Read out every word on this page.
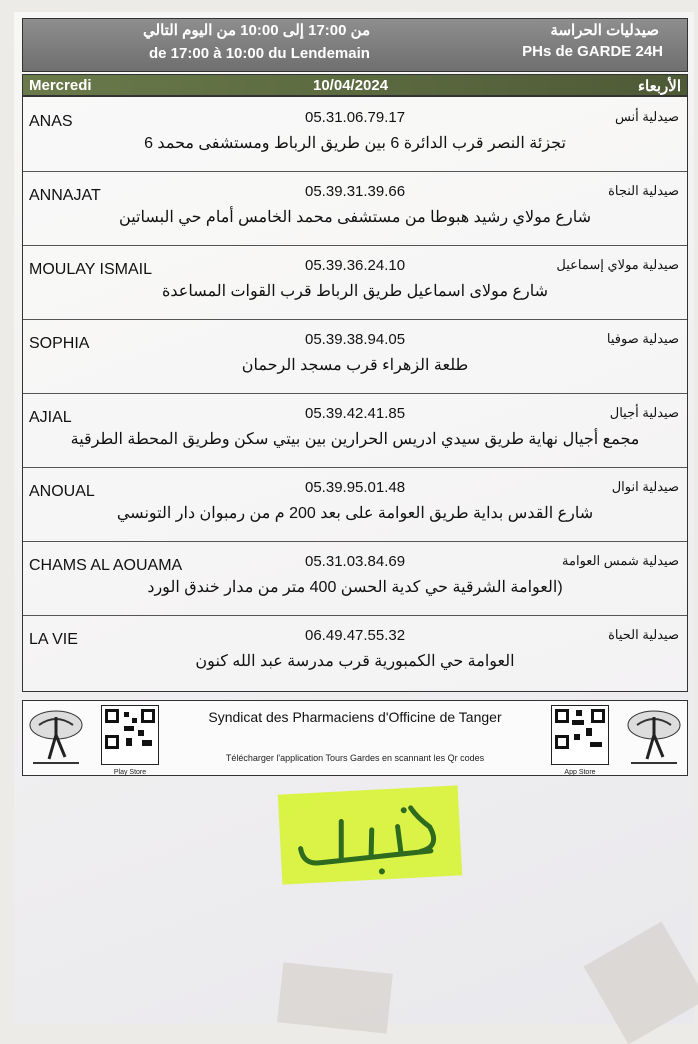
من 17:00 إلى 10:00 من اليوم التالي
de 17:00 à 10:00 du Lendemain
صيدليات الحراسة
PHs de GARDE 24H
Mercredi	10/04/2024	الأربعاء
ANAS	05.31.06.79.17	صيدلية أنس
تجزئة النصر قرب الدائرة 6 بين طريق الرباط ومستشفى محمد 6
ANNAJAT	05.39.31.39.66	صيدلية النجاة
شارع مولاي رشيد هبوطا من مستشفى محمد الخامس أمام حي البساتين
MOULAY ISMAIL	05.39.36.24.10	صيدلية مولاي إسماعيل
شارع مولاى اسماعيل طريق الرباط قرب القوات المساعدة
SOPHIA	05.39.38.94.05	صيدلية صوفيا
طلعة الزهراء قرب مسجد الرحمان
AJIAL	05.39.42.41.85	صيدلية أجيال
مجمع أجيال نهاية طريق سيدي ادريس الحرارين بين بيتي سكن وطريق المحطة الطرقية
ANOUAL	05.39.95.01.48	صيدلية انوال
شارع القدس بداية طريق العوامة على بعد 200 م من رمبوان دار التونسي
CHAMS AL AOUAMA	05.31.03.84.69	صيدلية شمس العوامة
(العوامة الشرقية حي كدية الحسن 400 متر من مدار خندق الورد
LA VIE	06.49.47.55.32	صيدلية الحياة
العوامة حي الكمبورية قرب مدرسة عبد الله كنون
Play Store
Syndicat des Pharmaciens d'Officine de Tanger
Télécharger l'application Tours Gardes en scannant les Qr codes
App Store
